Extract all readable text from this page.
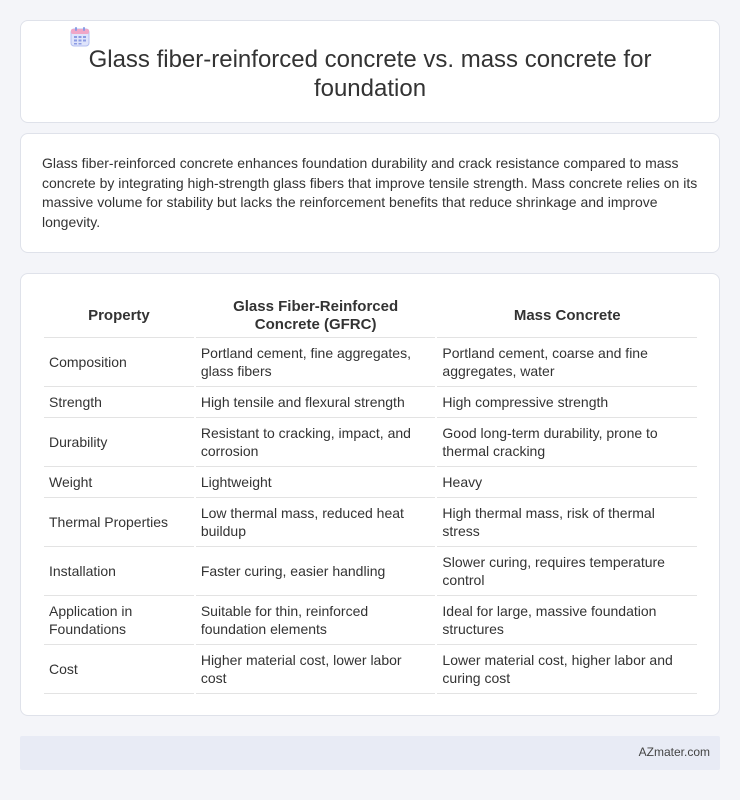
Glass fiber-reinforced concrete vs. mass concrete for foundation

Glass fiber-reinforced concrete enhances foundation durability and crack resistance compared to mass concrete by integrating high-strength glass fibers that improve tensile strength. Mass concrete relies on its massive volume for stability but lacks the reinforcement benefits that reduce shrinkage and improve longevity.

Property	Glass Fiber-Reinforced Concrete (GFRC)	Mass Concrete
Composition	Portland cement, fine aggregates, glass fibers	Portland cement, coarse and fine aggregates, water
Strength	High tensile and flexural strength	High compressive strength
Durability	Resistant to cracking, impact, and corrosion	Good long-term durability, prone to thermal cracking
Weight	Lightweight	Heavy
Thermal Properties	Low thermal mass, reduced heat buildup	High thermal mass, risk of thermal stress
Installation	Faster curing, easier handling	Slower curing, requires temperature control
Application in Foundations	Suitable for thin, reinforced foundation elements	Ideal for large, massive foundation structures
Cost	Higher material cost, lower labor cost	Lower material cost, higher labor and curing cost
AZmater.com
